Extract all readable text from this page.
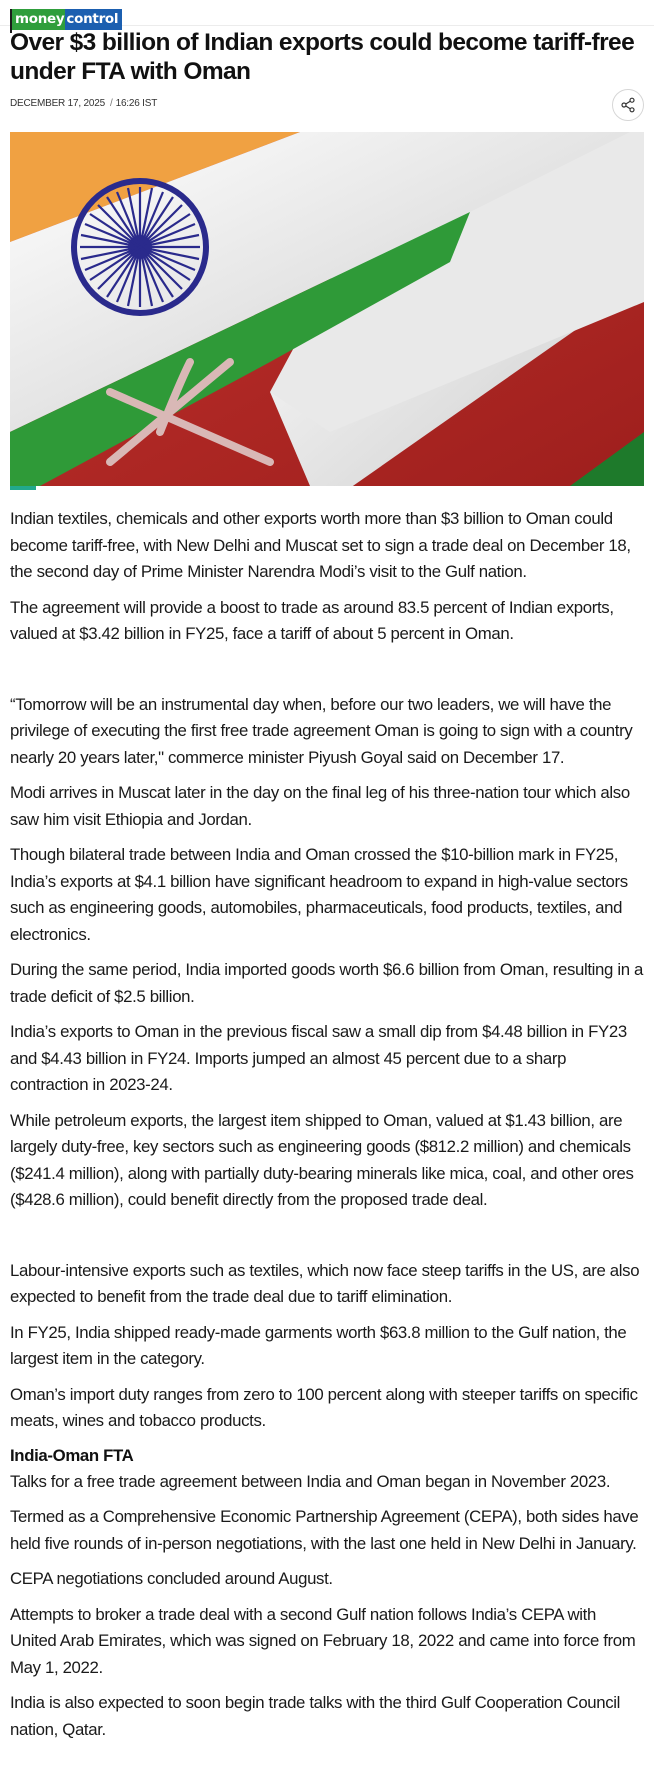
money control
Over $3 billion of Indian exports could become tariff-free under FTA with Oman
DECEMBER 17, 2025 / 16:26 IST

Indian textiles, chemicals and other exports worth more than $3 billion to Oman could become tariff-free, with New Delhi and Muscat set to sign a trade deal on December 18, the second day of Prime Minister Narendra Modi’s visit to the Gulf nation.

The agreement will provide a boost to trade as around 83.5 percent of Indian exports, valued at $3.42 billion in FY25, face a tariff of about 5 percent in Oman.

“Tomorrow will be an instrumental day when, before our two leaders, we will have the privilege of executing the first free trade agreement Oman is going to sign with a country nearly 20 years later," commerce minister Piyush Goyal said on December 17.

Modi arrives in Muscat later in the day on the final leg of his three-nation tour which also saw him visit Ethiopia and Jordan.

Though bilateral trade between India and Oman crossed the $10-billion mark in FY25, India’s exports at $4.1 billion have significant headroom to expand in high-value sectors such as engineering goods, automobiles, pharmaceuticals, food products, textiles, and electronics.

During the same period, India imported goods worth $6.6 billion from Oman, resulting in a trade deficit of $2.5 billion.

India’s exports to Oman in the previous fiscal saw a small dip from $4.48 billion in FY23 and $4.43 billion in FY24. Imports jumped an almost 45 percent due to a sharp contraction in 2023-24.

While petroleum exports, the largest item shipped to Oman, valued at $1.43 billion, are largely duty-free, key sectors such as engineering goods ($812.2 million) and chemicals ($241.4 million), along with partially duty-bearing minerals like mica, coal, and other ores ($428.6 million), could benefit directly from the proposed trade deal.

Labour-intensive exports such as textiles, which now face steep tariffs in the US, are also expected to benefit from the trade deal due to tariff elimination.

In FY25, India shipped ready-made garments worth $63.8 million to the Gulf nation, the largest item in the category.

Oman’s import duty ranges from zero to 100 percent along with steeper tariffs on specific meats, wines and tobacco products.

India-Oman FTA

Talks for a free trade agreement between India and Oman began in November 2023.

Termed as a Comprehensive Economic Partnership Agreement (CEPA), both sides have held five rounds of in-person negotiations, with the last one held in New Delhi in January.

CEPA negotiations concluded around August.

Attempts to broker a trade deal with a second Gulf nation follows India’s CEPA with United Arab Emirates, which was signed on February 18, 2022 and came into force from May 1, 2022.

India is also expected to soon begin trade talks with the third Gulf Cooperation Council nation, Qatar.
